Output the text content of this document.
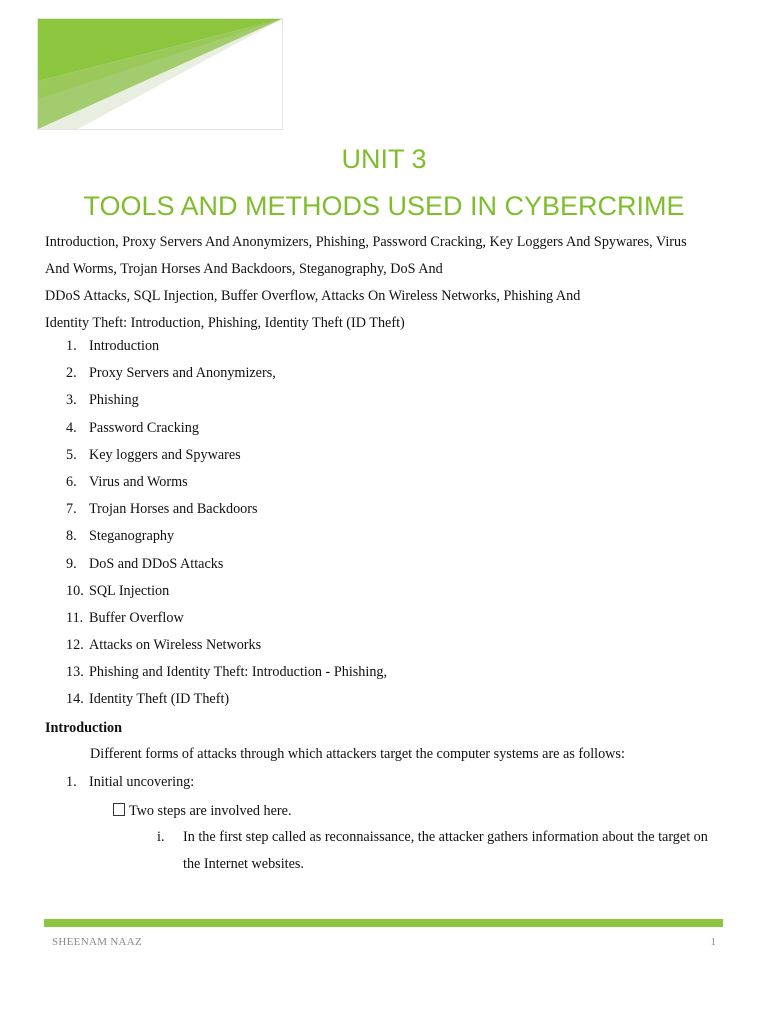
UNIT 3
TOOLS AND METHODS USED IN CYBERCRIME
Introduction, Proxy Servers And Anonymizers, Phishing, Password Cracking, Key Loggers And Spywares, Virus
And Worms, Trojan Horses And Backdoors, Steganography, DoS And
DDoS Attacks, SQL Injection, Buffer Overflow, Attacks On Wireless Networks, Phishing And
Identity Theft: Introduction, Phishing, Identity Theft (ID Theft)
1. Introduction
2. Proxy Servers and Anonymizers,
3. Phishing
4. Password Cracking
5. Key loggers and Spywares
6. Virus and Worms
7. Trojan Horses and Backdoors
8. Steganography
9. DoS and DDoS Attacks
10. SQL Injection
11. Buffer Overflow
12. Attacks on Wireless Networks
13. Phishing and Identity Theft: Introduction - Phishing,
14. Identity Theft (ID Theft)
Introduction
Different forms of attacks through which attackers target the computer systems are as follows:
1. Initial uncovering:
Two steps are involved here.
i. In the first step called as reconnaissance, the attacker gathers information about the target on the Internet websites.
SHEENAM NAAZ	1
